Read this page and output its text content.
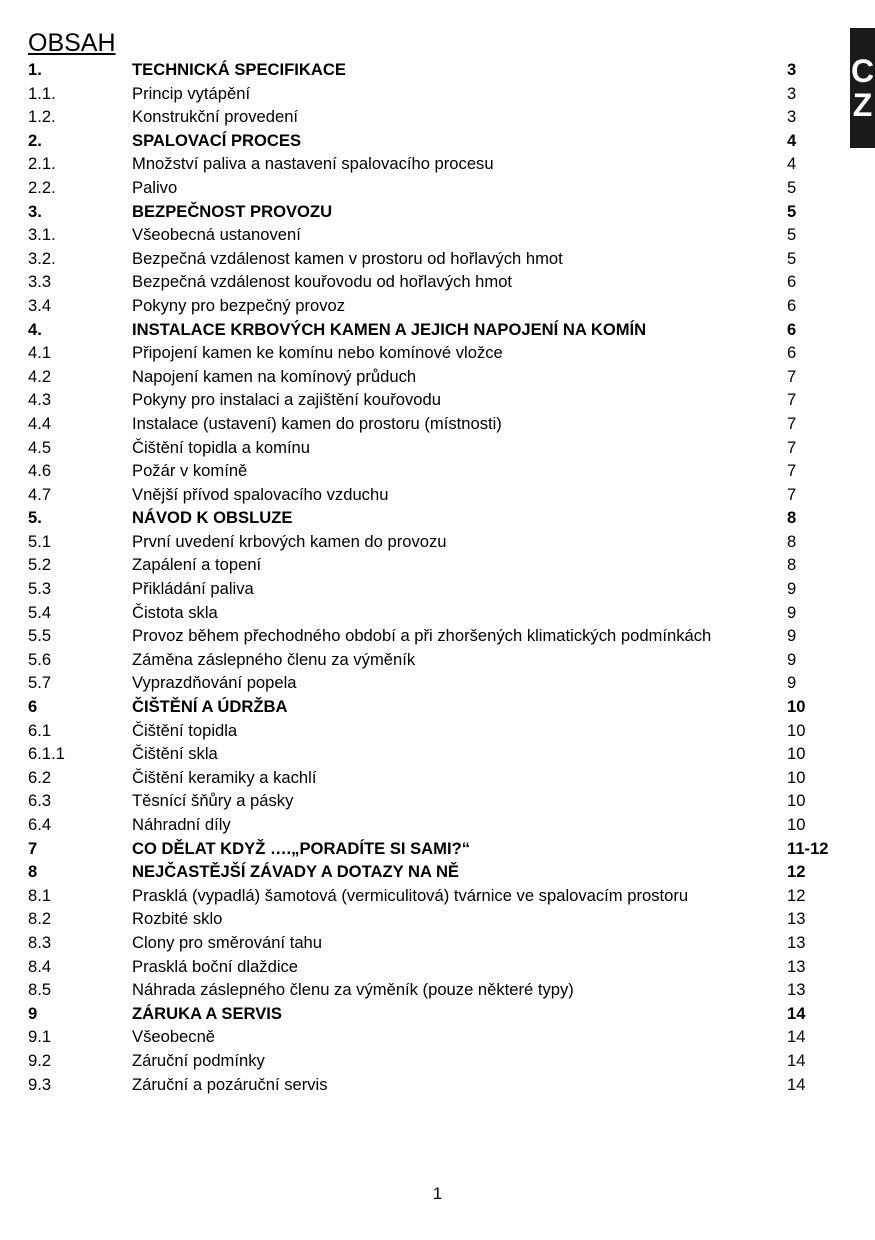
OBSAH
C
Z
1.	TECHNICKÁ SPECIFIKACE	3
1.1.	Princip vytápění	3
1.2.	Konstrukční provedení	3
2.	SPALOVACÍ PROCES	4
2.1.	Množství paliva a nastavení spalovacího procesu	4
2.2.	Palivo	5
3.	BEZPEČNOST PROVOZU	5
3.1.	Všeobecná ustanovení	5
3.2.	Bezpečná vzdálenost kamen v prostoru od hořlavých hmot	5
3.3	Bezpečná vzdálenost kouřovodu od hořlavých hmot	6
3.4	Pokyny pro bezpečný provoz	6
4.	INSTALACE KRBOVÝCH KAMEN A JEJICH NAPOJENÍ NA KOMÍN	6
4.1	Připojení kamen ke komínu nebo komínové vložce	6
4.2	Napojení kamen na komínový průduch	7
4.3	Pokyny pro instalaci a zajištění kouřovodu	7
4.4	Instalace (ustavení) kamen do prostoru (místnosti)	7
4.5	Čištění topidla a komínu	7
4.6	Požár v komíně	7
4.7	Vnější přívod spalovacího vzduchu	7
5.	NÁVOD K OBSLUZE	8
5.1	První uvedení krbových kamen do provozu	8
5.2	Zapálení a topení	8
5.3	Přikládání paliva	9
5.4	Čistota skla	9
5.5	Provoz během přechodného období a při zhoršených klimatických podmínkách	9
5.6	Záměna záslepného členu za výměník	9
5.7	Vyprazdňování popela	9
6	ČIŠTĚNÍ A ÚDRŽBA	10
6.1	Čištění topidla	10
6.1.1	Čištění skla	10
6.2	Čištění keramiky a kachlí	10
6.3	Těsnící šňůry a pásky	10
6.4	Náhradní díly	10
7	CO DĚLAT KDYŽ ….„PORADÍTE SI SAMI?“	11-12
8	NEJČASTĚJŠÍ ZÁVADY A DOTAZY NA NĚ	12
8.1	Prasklá (vypadlá) šamotová (vermiculitová) tvárnice ve spalovacím prostoru	12
8.2	Rozbité sklo	13
8.3	Clony pro směrování tahu	13
8.4	Prasklá boční dlaždice	13
8.5	Náhrada záslepného členu za výměník (pouze některé typy)	13
9	ZÁRUKA A SERVIS	14
9.1	Všeobecně	14
9.2	Záruční podmínky	14
9.3	Záruční a pozáruční servis	14
1
